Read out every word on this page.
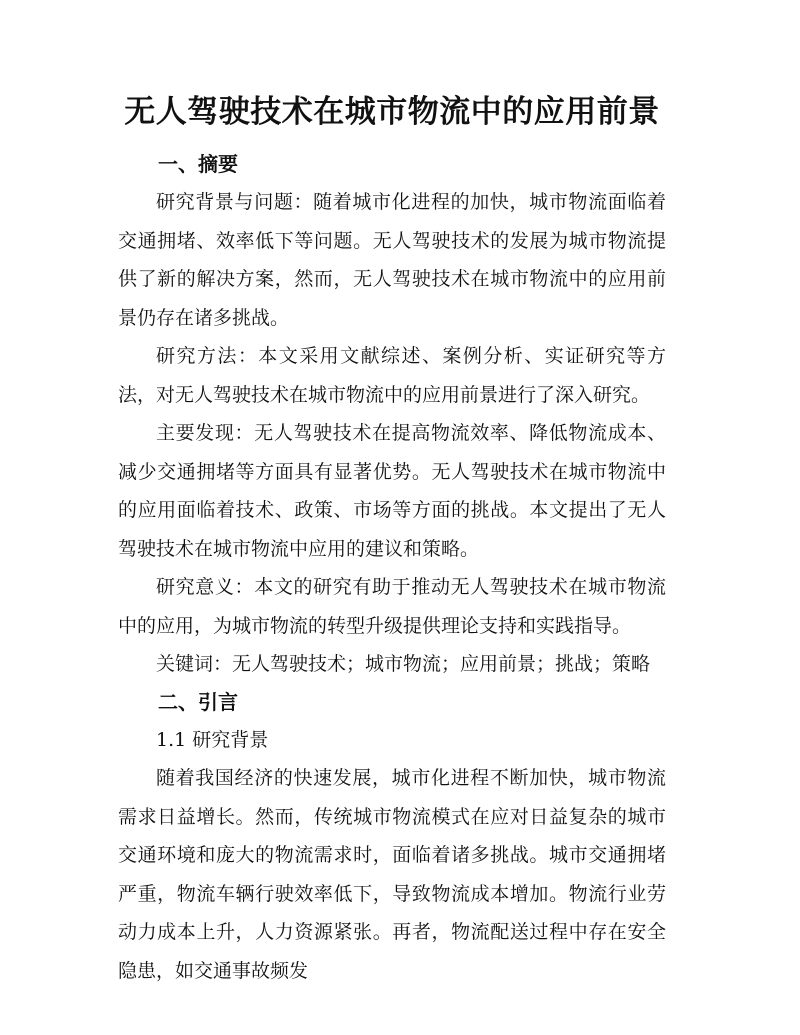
无人驾驶技术在城市物流中的应用前景
一、摘要

研究背景与问题：随着城市化进程的加快，城市物流面临着交通拥堵、效率低下等问题。无人驾驶技术的发展为城市物流提供了新的解决方案，然而，无人驾驶技术在城市物流中的应用前景仍存在诸多挑战。

研究方法：本文采用文献综述、案例分析、实证研究等方法，对无人驾驶技术在城市物流中的应用前景进行了深入研究。

主要发现：无人驾驶技术在提高物流效率、降低物流成本、减少交通拥堵等方面具有显著优势。无人驾驶技术在城市物流中的应用面临着技术、政策、市场等方面的挑战。本文提出了无人驾驶技术在城市物流中应用的建议和策略。

研究意义：本文的研究有助于推动无人驾驶技术在城市物流中的应用，为城市物流的转型升级提供理论支持和实践指导。

关键词：无人驾驶技术；城市物流；应用前景；挑战；策略

二、引言

1.1 研究背景

随着我国经济的快速发展，城市化进程不断加快，城市物流需求日益增长。然而，传统城市物流模式在应对日益复杂的城市交通环境和庞大的物流需求时，面临着诸多挑战。城市交通拥堵严重，物流车辆行驶效率低下，导致物流成本增加。物流行业劳动力成本上升，人力资源紧张。再者，物流配送过程中存在安全隐患，如交通事故频发
